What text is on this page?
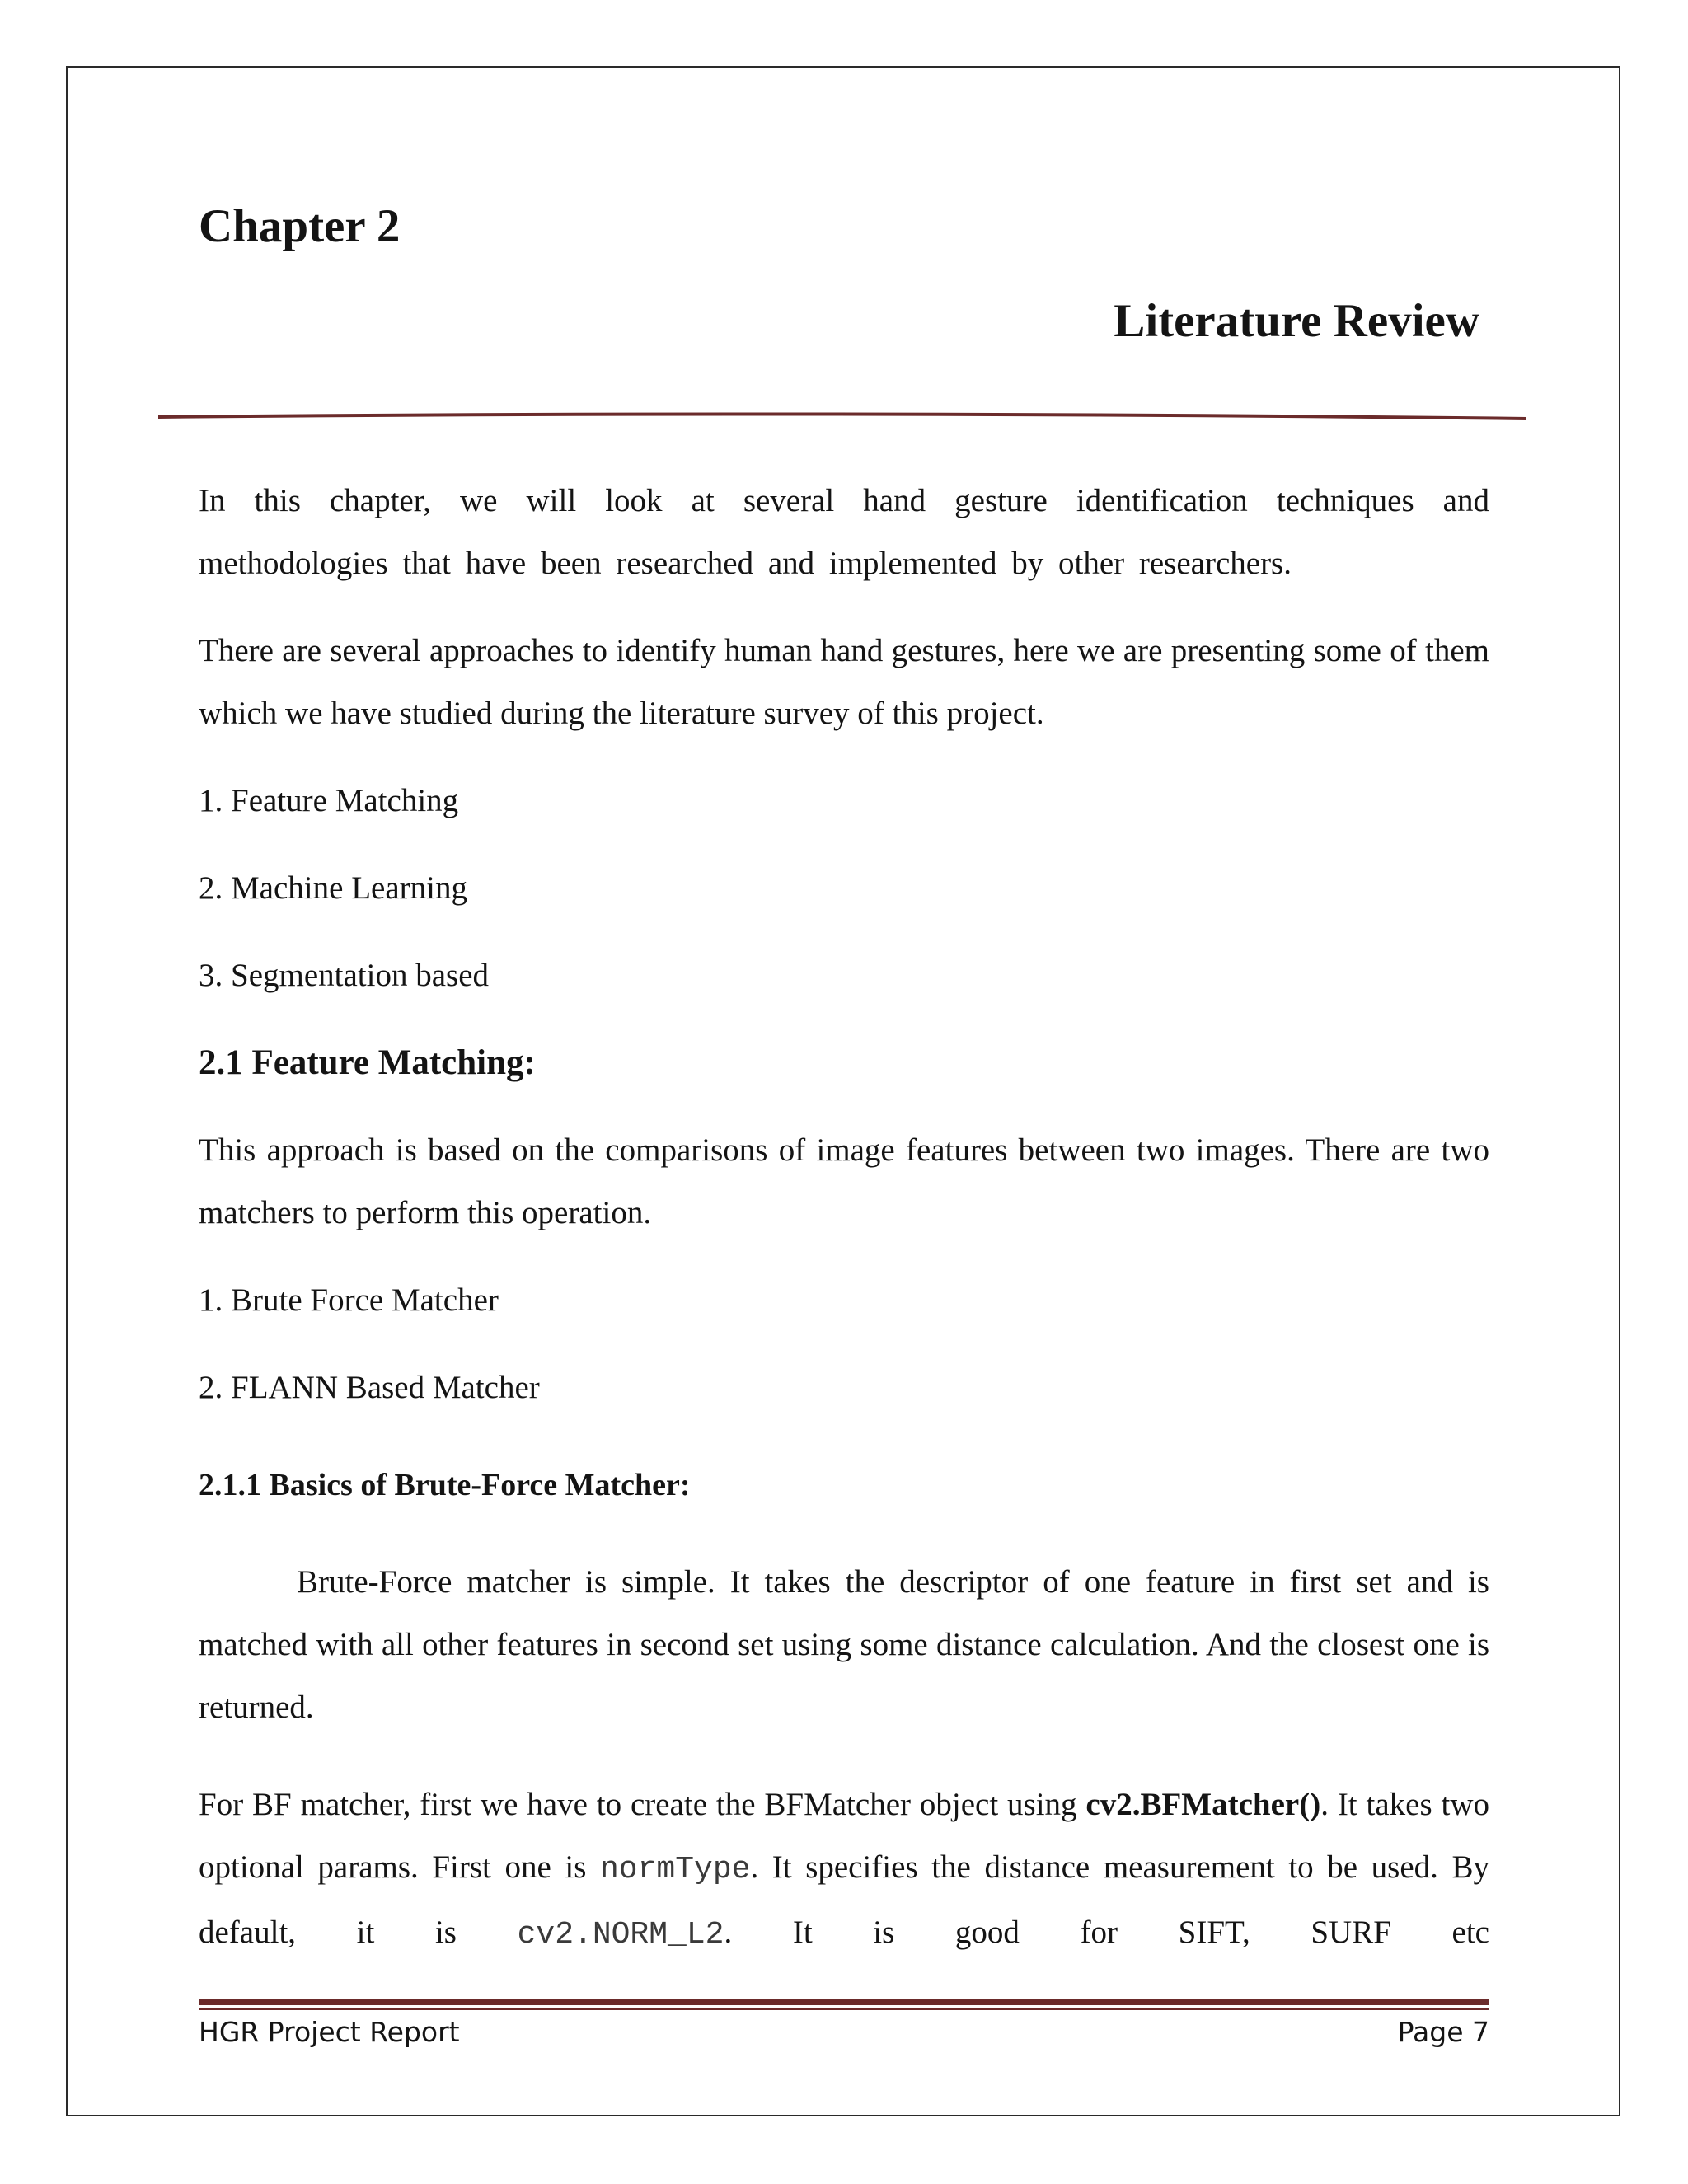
Chapter 2
Literature Review

In this chapter, we will look at several hand gesture identification techniques and methodologies that have been researched and implemented by other researchers.

There are several approaches to identify human hand gestures, here we are presenting some of them which we have studied during the literature survey of this project.

1. Feature Matching

2. Machine Learning

3. Segmentation based

2.1 Feature Matching:

This approach is based on the comparisons of image features between two images. There are two matchers to perform this operation.

1. Brute Force Matcher

2. FLANN Based Matcher

2.1.1 Basics of Brute-Force Matcher:

Brute-Force matcher is simple. It takes the descriptor of one feature in first set and is matched with all other features in second set using some distance calculation. And the closest one is returned.

For BF matcher, first we have to create the BFMatcher object using cv2.BFMatcher(). It takes two optional params. First one is normType. It specifies the distance measurement to be used. By default, it is cv2.NORM_L2. It is good for SIFT, SURF etc

HGR Project Report	Page 7
